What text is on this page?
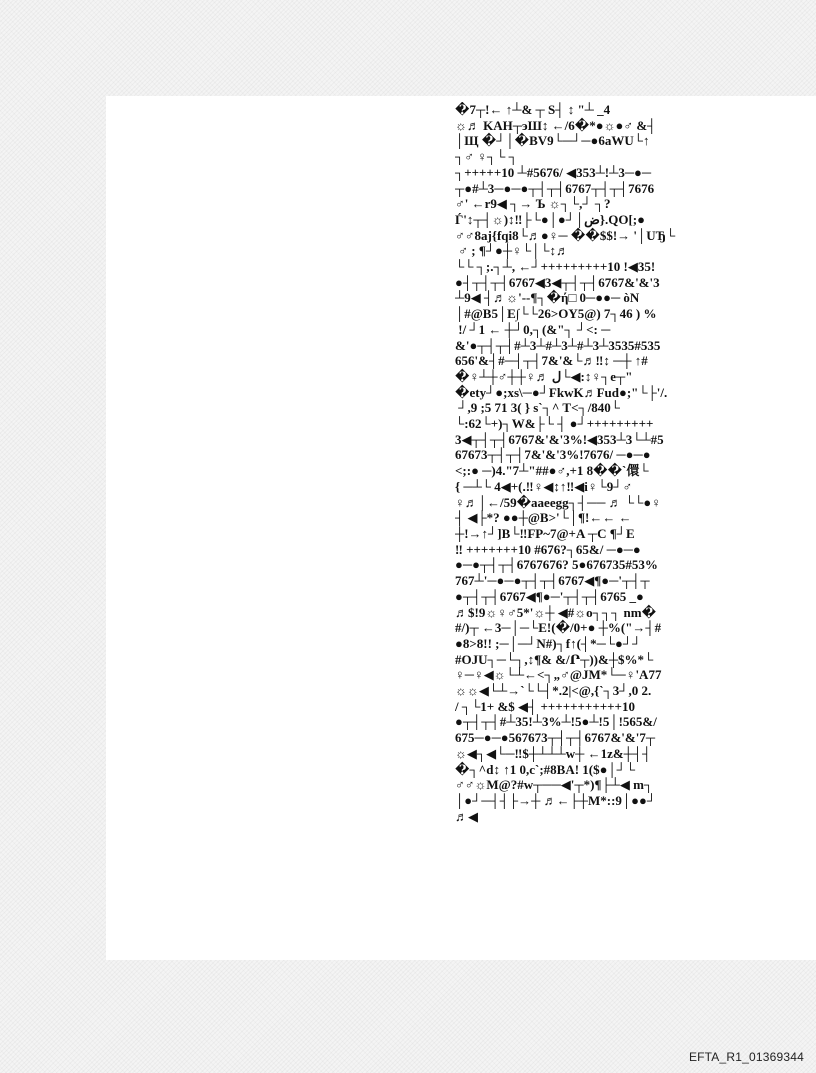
�7┬!← ↑┴& ┬ S┤ ↕ "┴ _4
☼♬ KAH┬эШ↕ ←/6�*●☼●♂ &┤
│Щ �┘│�BV9└─┘─●6aWU└↑
┐♂ ♀┐└ ┐
┐+++++10 ┴#5676/ ◀353┴!┴3─●─
┬●#┴3─●─●┬┤┬┤6767┬┤┬┤7676
♂' ←r9◀ ┐→ Ъ ☼┐└,┘ ┐?
Ѓ'↕┬┤☼)↕‼├└●│●┘│ض}.QO[;●
♂♂8aj{fqi8└♬●♀─ ��$$!→ '│UЂ└
♂ ; ¶┘●┼♀└│└↕♬
└└ ┐;.┐┴, ←┘+++++++++10 !◀35!
●┤┬┤┬┤6767◀3◀┬┤┬┤6767&'&'3
┴9◀ ┤♬☼'--¶┐�ή□ 0─●●─ òN
│#@B5│E∫└└26>OY5@) 7┐46 ) %
!/ ┘1 ← ┼┘0,┐(&"┐ ┘<: ─
&'●┬┤┬┤#┴3┴#┴3┴#┴3┴3535#535
656'&┤#─┤┬┤7&'&└♬‼↕ ─┼ ↑#
�♀┴┼♂┼┼♀♬ ﻝ└◀:↕♀┐e┬"
�ety┘●;xs\─●┘FkwK♬Fud●;"└├'/.
┘,9 ;5 71 3( } s`┐^ T<┐/840└
└:62└+)┐W&├└ ┤ ●┘+++++++++
3◀┬┤┬┤6767&'&'3%!◀353┴3└┴#5
67673┬┤┬┤7&'&'3%!7676/ ─●─●
<;:● ─)4."7┴"##●♂,+1 8��`儇└
{ ─┴└ 4◀+(.‼♀◀↕↑‼◀i♀└9┘♂
♀♬│←/59�aaeegg┐┤── ♬ └└●♀
┤ ◀├*? ●●┼@B>'└│¶!←← ←
┼!→↑┘]B└‼FP~7@+A ┬C ¶┘E
‼ +++++++10 #676?┐65&/ ─●─●
●─●┬┤┬┤6767676? 5●676735#53%
767┴'─●─●┬┤┬┤6767◀¶●─'┬┤┬
●┬┤┬┤6767◀¶●─'┬┤┬┤6765 _●
♬$!9☼♀♂5*'☼┼ ◀#☼o┐┐┐ nm�
#/)┬ ←3─│─└E!(�/0+● ┼%("→┤#
●8>8!! ;─│─┘N#)┐f↑(┤*─└●┘┘
#OJU┐─└┐,↕¶& &/Ր┬))&┼$%*└
♀─♀◀☼└┴←<┐„♂@JM*└─♀'A77
☼☼◀└┴→`└└┤*.2|<@,{`┐3┘,0 2.
/ ┐└1+ &$ ◀┤ +++++++++++10
●┬┤┬┤#┴35!┴3%┴!5●┴!5│!565&/
675─●─●567673┬┤┬┤6767&'&'7┬
☼◀┐◀└─‼$┼┴┴┴w┼ ←1z&┼┤┤
�┐^d↕ ↑1 0,c`;#8BA! 1($●│┘└
♂♂☼M@?#w┬──◀'┬*)¶├┴◀ m┐
│●┘─┤┤├→┼ ♬←├┼M*::9│●●┘
♬◀
EFTA_R1_01369344
